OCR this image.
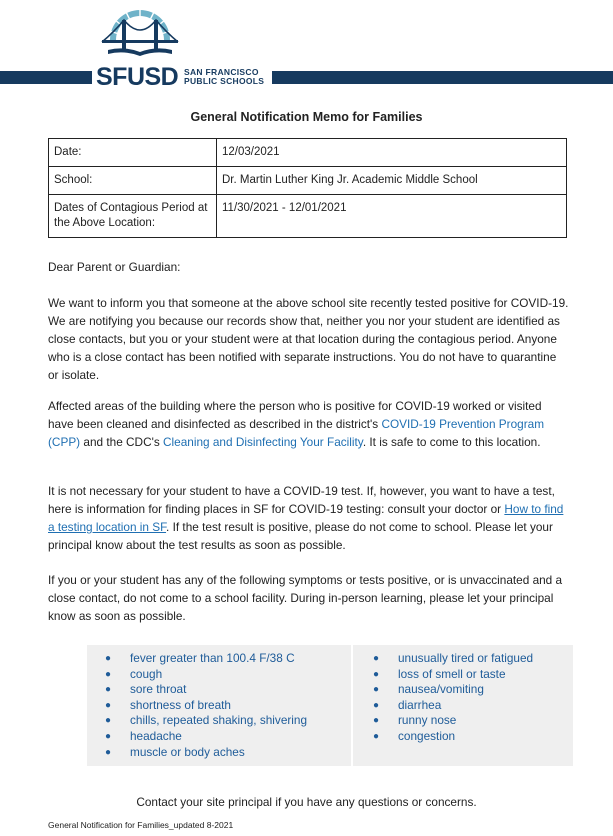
SFUSD SAN FRANCISCO
PUBLIC SCHOOLS
General Notification Memo for Families
Date:	12/03/2021
School:	Dr. Martin Luther King Jr. Academic Middle School
Dates of Contagious Period at the Above Location:	11/30/2021 - 12/01/2021
Dear Parent or Guardian:

We want to inform you that someone at the above school site recently tested positive for COVID-19. We are notifying you because our records show that, neither you nor your student are identified as close contacts, but you or your student were at that location during the contagious period. Anyone who is a close contact has been notified with separate instructions. You do not have to quarantine or isolate.

Affected areas of the building where the person who is positive for COVID-19 worked or visited have been cleaned and disinfected as described in the district's COVID-19 Prevention Program (CPP) and the CDC's Cleaning and Disinfecting Your Facility. It is safe to come to this location.

It is not necessary for your student to have a COVID-19 test. If, however, you want to have a test, here is information for finding places in SF for COVID-19 testing: consult your doctor or How to find a testing location in SF. If the test result is positive, please do not come to school. Please let your principal know about the test results as soon as possible.

If you or your student has any of the following symptoms or tests positive, or is unvaccinated and a close contact, do not come to a school facility. During in-person learning, please let your principal know as soon as possible.

● fever greater than 100.4 F/38 C
● cough
● sore throat
● shortness of breath
● chills, repeated shaking, shivering
● headache
● muscle or body aches
● unusually tired or fatigued
● loss of smell or taste
● nausea/vomiting
● diarrhea
● runny nose
● congestion
Contact your site principal if you have any questions or concerns.
General Notification for Families_updated 8-2021
